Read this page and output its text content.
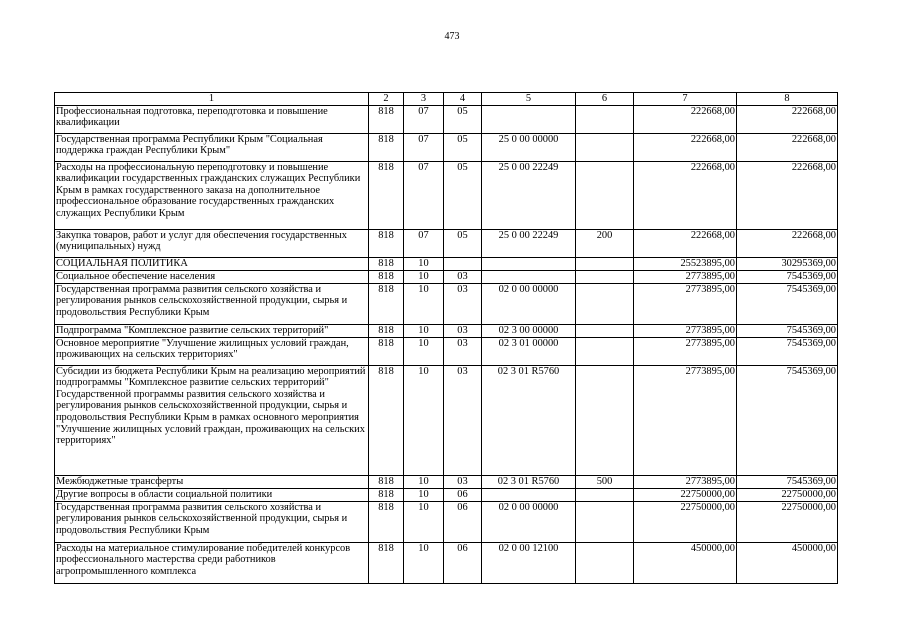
473
1	2	3	4	5	6	7	8
Профессиональная подготовка, переподготовка и повышение квалификации	818	07	05			222668,00	222668,00
Государственная программа Республики Крым "Социальная поддержка граждан Республики Крым"	818	07	05	25 0 00 00000		222668,00	222668,00
Расходы на профессиональную переподготовку и повышение квалификации государственных гражданских служащих Республики Крым в рамках государственного заказа на дополнительное профессиональное образование государственных гражданских служащих Республики Крым	818	07	05	25 0 00 22249		222668,00	222668,00
Закупка товаров, работ и услуг для обеспечения государственных (муниципальных) нужд	818	07	05	25 0 00 22249	200	222668,00	222668,00
СОЦИАЛЬНАЯ ПОЛИТИКА	818	10				25523895,00	30295369,00
Социальное обеспечение населения	818	10	03			2773895,00	7545369,00
Государственная программа развития сельского хозяйства и регулирования рынков сельскохозяйственной продукции, сырья и продовольствия Республики Крым	818	10	03	02 0 00 00000		2773895,00	7545369,00
Подпрограмма "Комплексное развитие сельских территорий"	818	10	03	02 3 00 00000		2773895,00	7545369,00
Основное мероприятие "Улучшение жилищных условий граждан, проживающих на сельских территориях"	818	10	03	02 3 01 00000		2773895,00	7545369,00
Субсидии из бюджета Республики Крым на реализацию мероприятий подпрограммы "Комплексное развитие сельских территорий" Государственной программы развития сельского хозяйства и регулирования рынков сельскохозяйственной продукции, сырья и продовольствия Республики Крым в рамках основного мероприятия "Улучшение жилищных условий граждан, проживающих на сельских территориях"	818	10	03	02 3 01 R5760		2773895,00	7545369,00
Межбюджетные трансферты	818	10	03	02 3 01 R5760	500	2773895,00	7545369,00
Другие вопросы в области социальной политики	818	10	06			22750000,00	22750000,00
Государственная программа развития сельского хозяйства и регулирования рынков сельскохозяйственной продукции, сырья и продовольствия Республики Крым	818	10	06	02 0 00 00000		22750000,00	22750000,00
Расходы на материальное стимулирование победителей конкурсов профессионального мастерства среди работников агропромышленного комплекса	818	10	06	02 0 00 12100		450000,00	450000,00
